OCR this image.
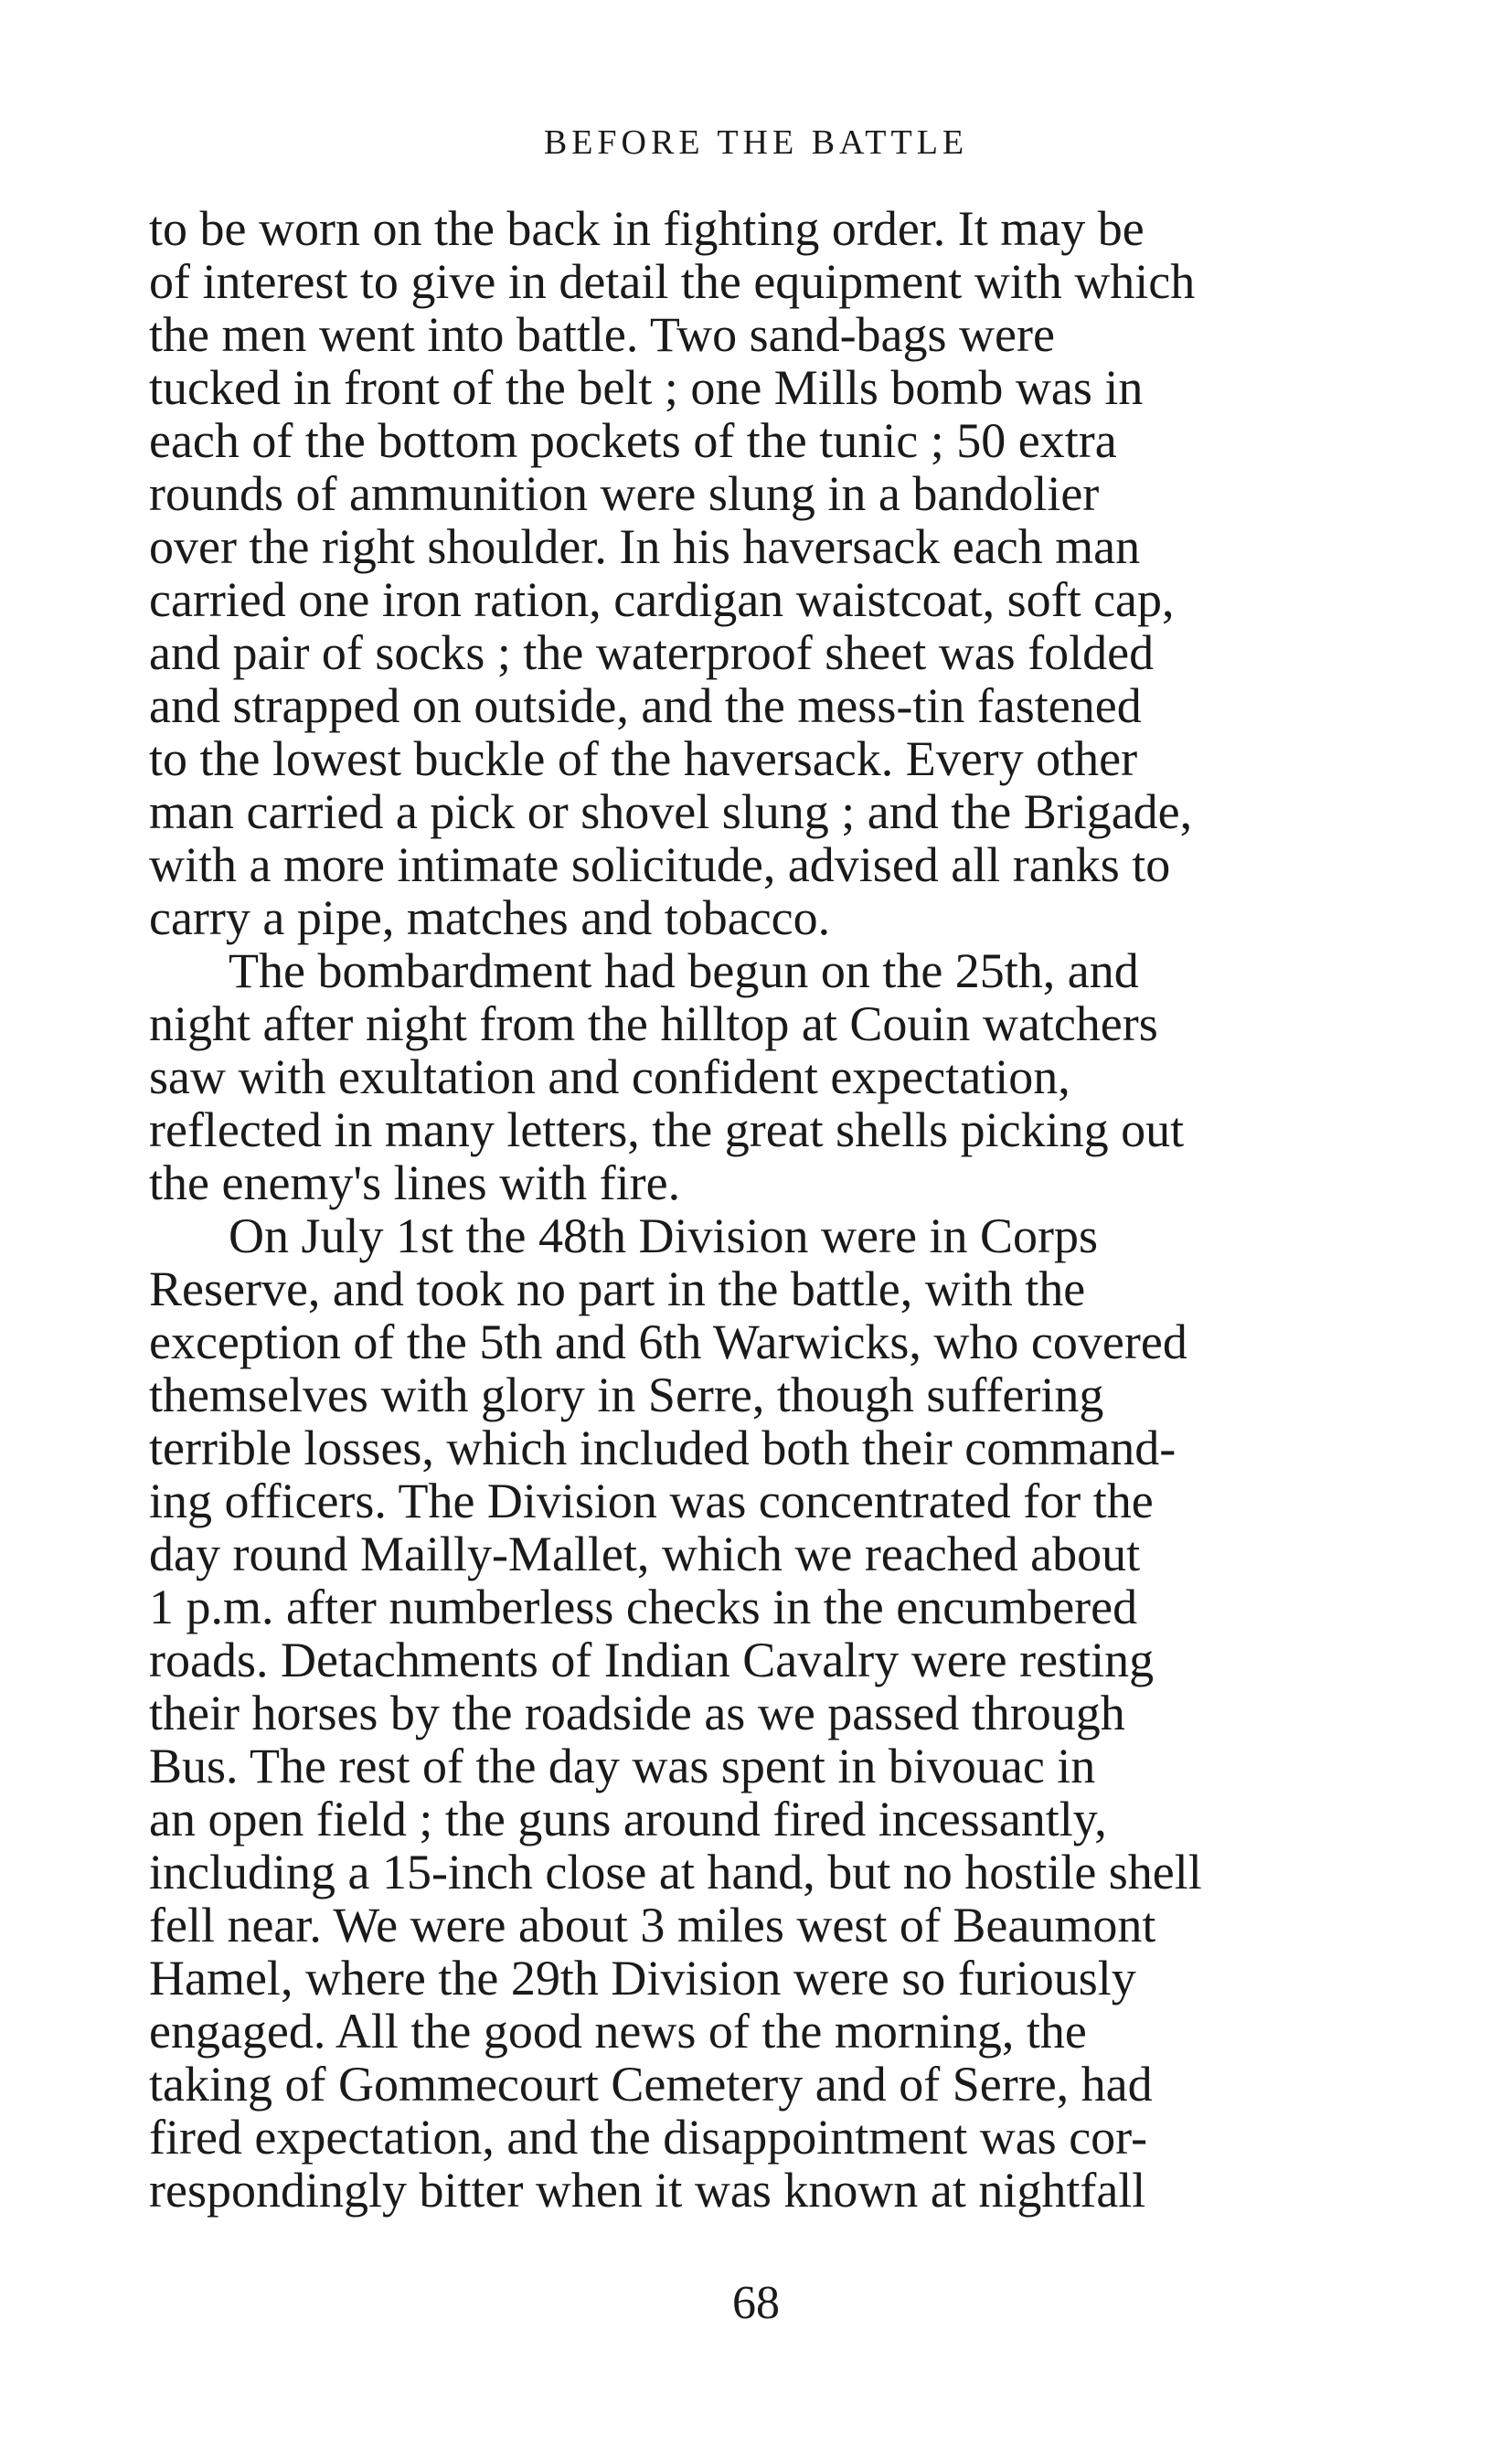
BEFORE THE BATTLE
to be worn on the back in fighting order. It may be
of interest to give in detail the equipment with which
the men went into battle. Two sand-bags were
tucked in front of the belt ; one Mills bomb was in
each of the bottom pockets of the tunic ; 50 extra
rounds of ammunition were slung in a bandolier
over the right shoulder. In his haversack each man
carried one iron ration, cardigan waistcoat, soft cap,
and pair of socks ; the waterproof sheet was folded
and strapped on outside, and the mess-tin fastened
to the lowest buckle of the haversack. Every other
man carried a pick or shovel slung ; and the Brigade,
with a more intimate solicitude, advised all ranks to
carry a pipe, matches and tobacco.
The bombardment had begun on the 25th, and
night after night from the hilltop at Couin watchers
saw with exultation and confident expectation,
reflected in many letters, the great shells picking out
the enemy's lines with fire.
On July 1st the 48th Division were in Corps
Reserve, and took no part in the battle, with the
exception of the 5th and 6th Warwicks, who covered
themselves with glory in Serre, though suffering
terrible losses, which included both their command-
ing officers. The Division was concentrated for the
day round Mailly-Mallet, which we reached about
1 p.m. after numberless checks in the encumbered
roads. Detachments of Indian Cavalry were resting
their horses by the roadside as we passed through
Bus. The rest of the day was spent in bivouac in
an open field ; the guns around fired incessantly,
including a 15-inch close at hand, but no hostile shell
fell near. We were about 3 miles west of Beaumont
Hamel, where the 29th Division were so furiously
engaged. All the good news of the morning, the
taking of Gommecourt Cemetery and of Serre, had
fired expectation, and the disappointment was cor-
respondingly bitter when it was known at nightfall
68
